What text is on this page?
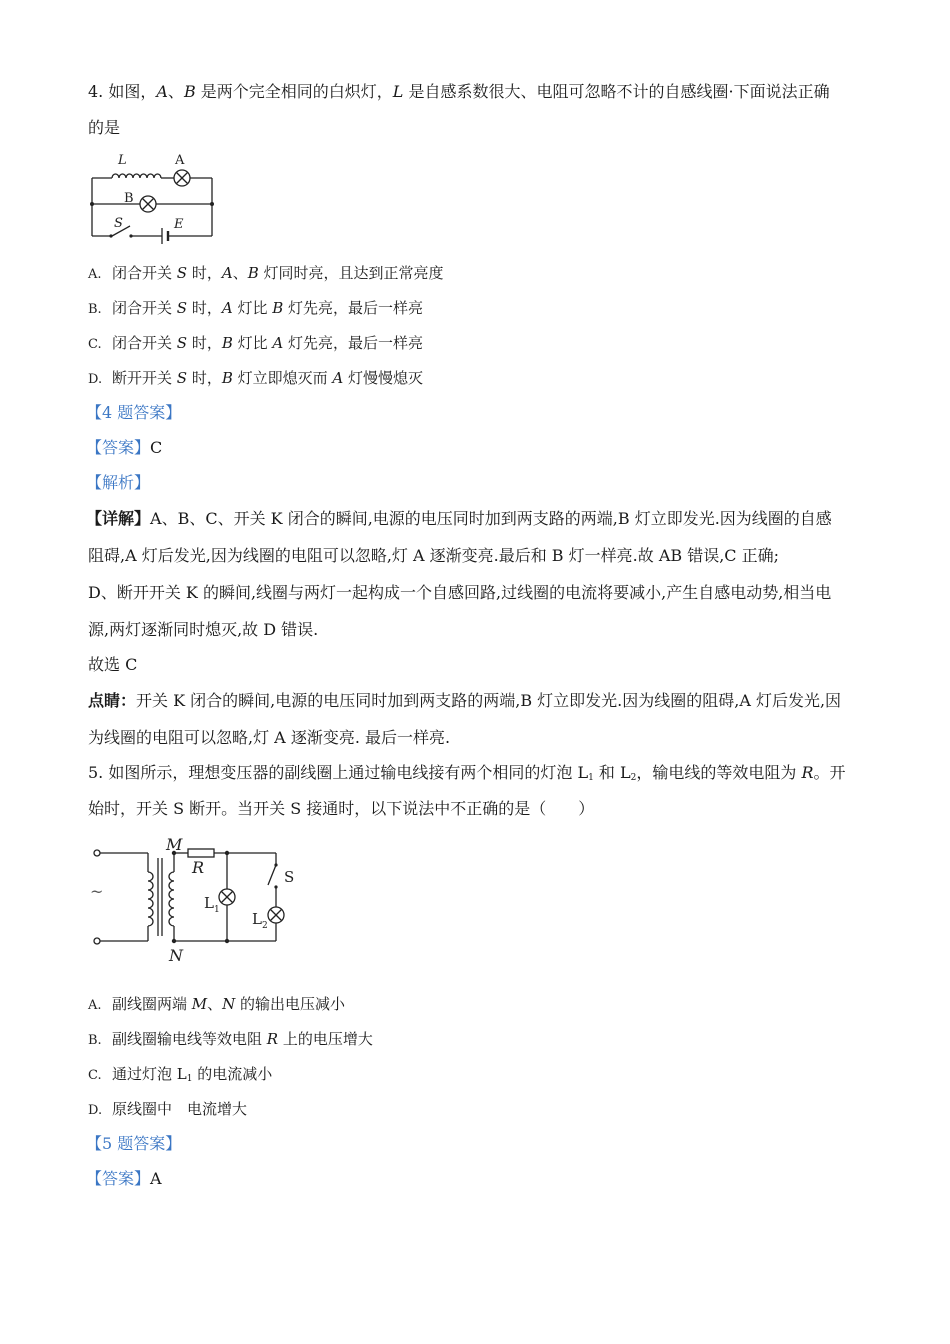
4. 如图，A、B 是两个完全相同的白炽灯，L 是自感系数很大、电阻可忽略不计的自感线圈·下面说法正确
的是
L	A
B
S	E
A. 闭合开关 S 时，A、B 灯同时亮，且达到正常亮度
B. 闭合开关 S 时，A 灯比 B 灯先亮，最后一样亮
C. 闭合开关 S 时，B 灯比 A 灯先亮，最后一样亮
D. 断开开关 S 时，B 灯立即熄灭而 A 灯慢慢熄灭
【4 题答案】
【答案】C
【解析】
【详解】A、B、C、开关 K 闭合的瞬间,电源的电压同时加到两支路的两端,B 灯立即发光.因为线圈的自感
阻碍,A 灯后发光,因为线圈的电阻可以忽略,灯 A 逐渐变亮.最后和 B 灯一样亮.故 AB 错误,C 正确;
D、断开开关 K 的瞬间,线圈与两灯一起构成一个自感回路,过线圈的电流将要减小,产生自感电动势,相当电
源,两灯逐渐同时熄灭,故 D 错误.
故选 C
点睛：开关 K 闭合的瞬间,电源的电压同时加到两支路的两端,B 灯立即发光.因为线圈的阻碍,A 灯后发光,因
为线圈的电阻可以忽略,灯 A 逐渐变亮. 最后一样亮.
5. 如图所示，理想变压器的副线圈上通过输电线接有两个相同的灯泡 $L_1$ 和 $L_2$，输电线的等效电阻为 R。开
始时，开关 S 断开。当开关 S 接通时，以下说法中不正确的是（　　）
~
M
N
R	S
$L_1$ $L_2$
A. 副线圈两端 M、N 的输出电压减小
B. 副线圈输电线等效电阻 R 上的电压增大
C. 通过灯泡 $L_1$ 的电流减小
D. 原线圈中　电流增大
【5 题答案】
【答案】A
